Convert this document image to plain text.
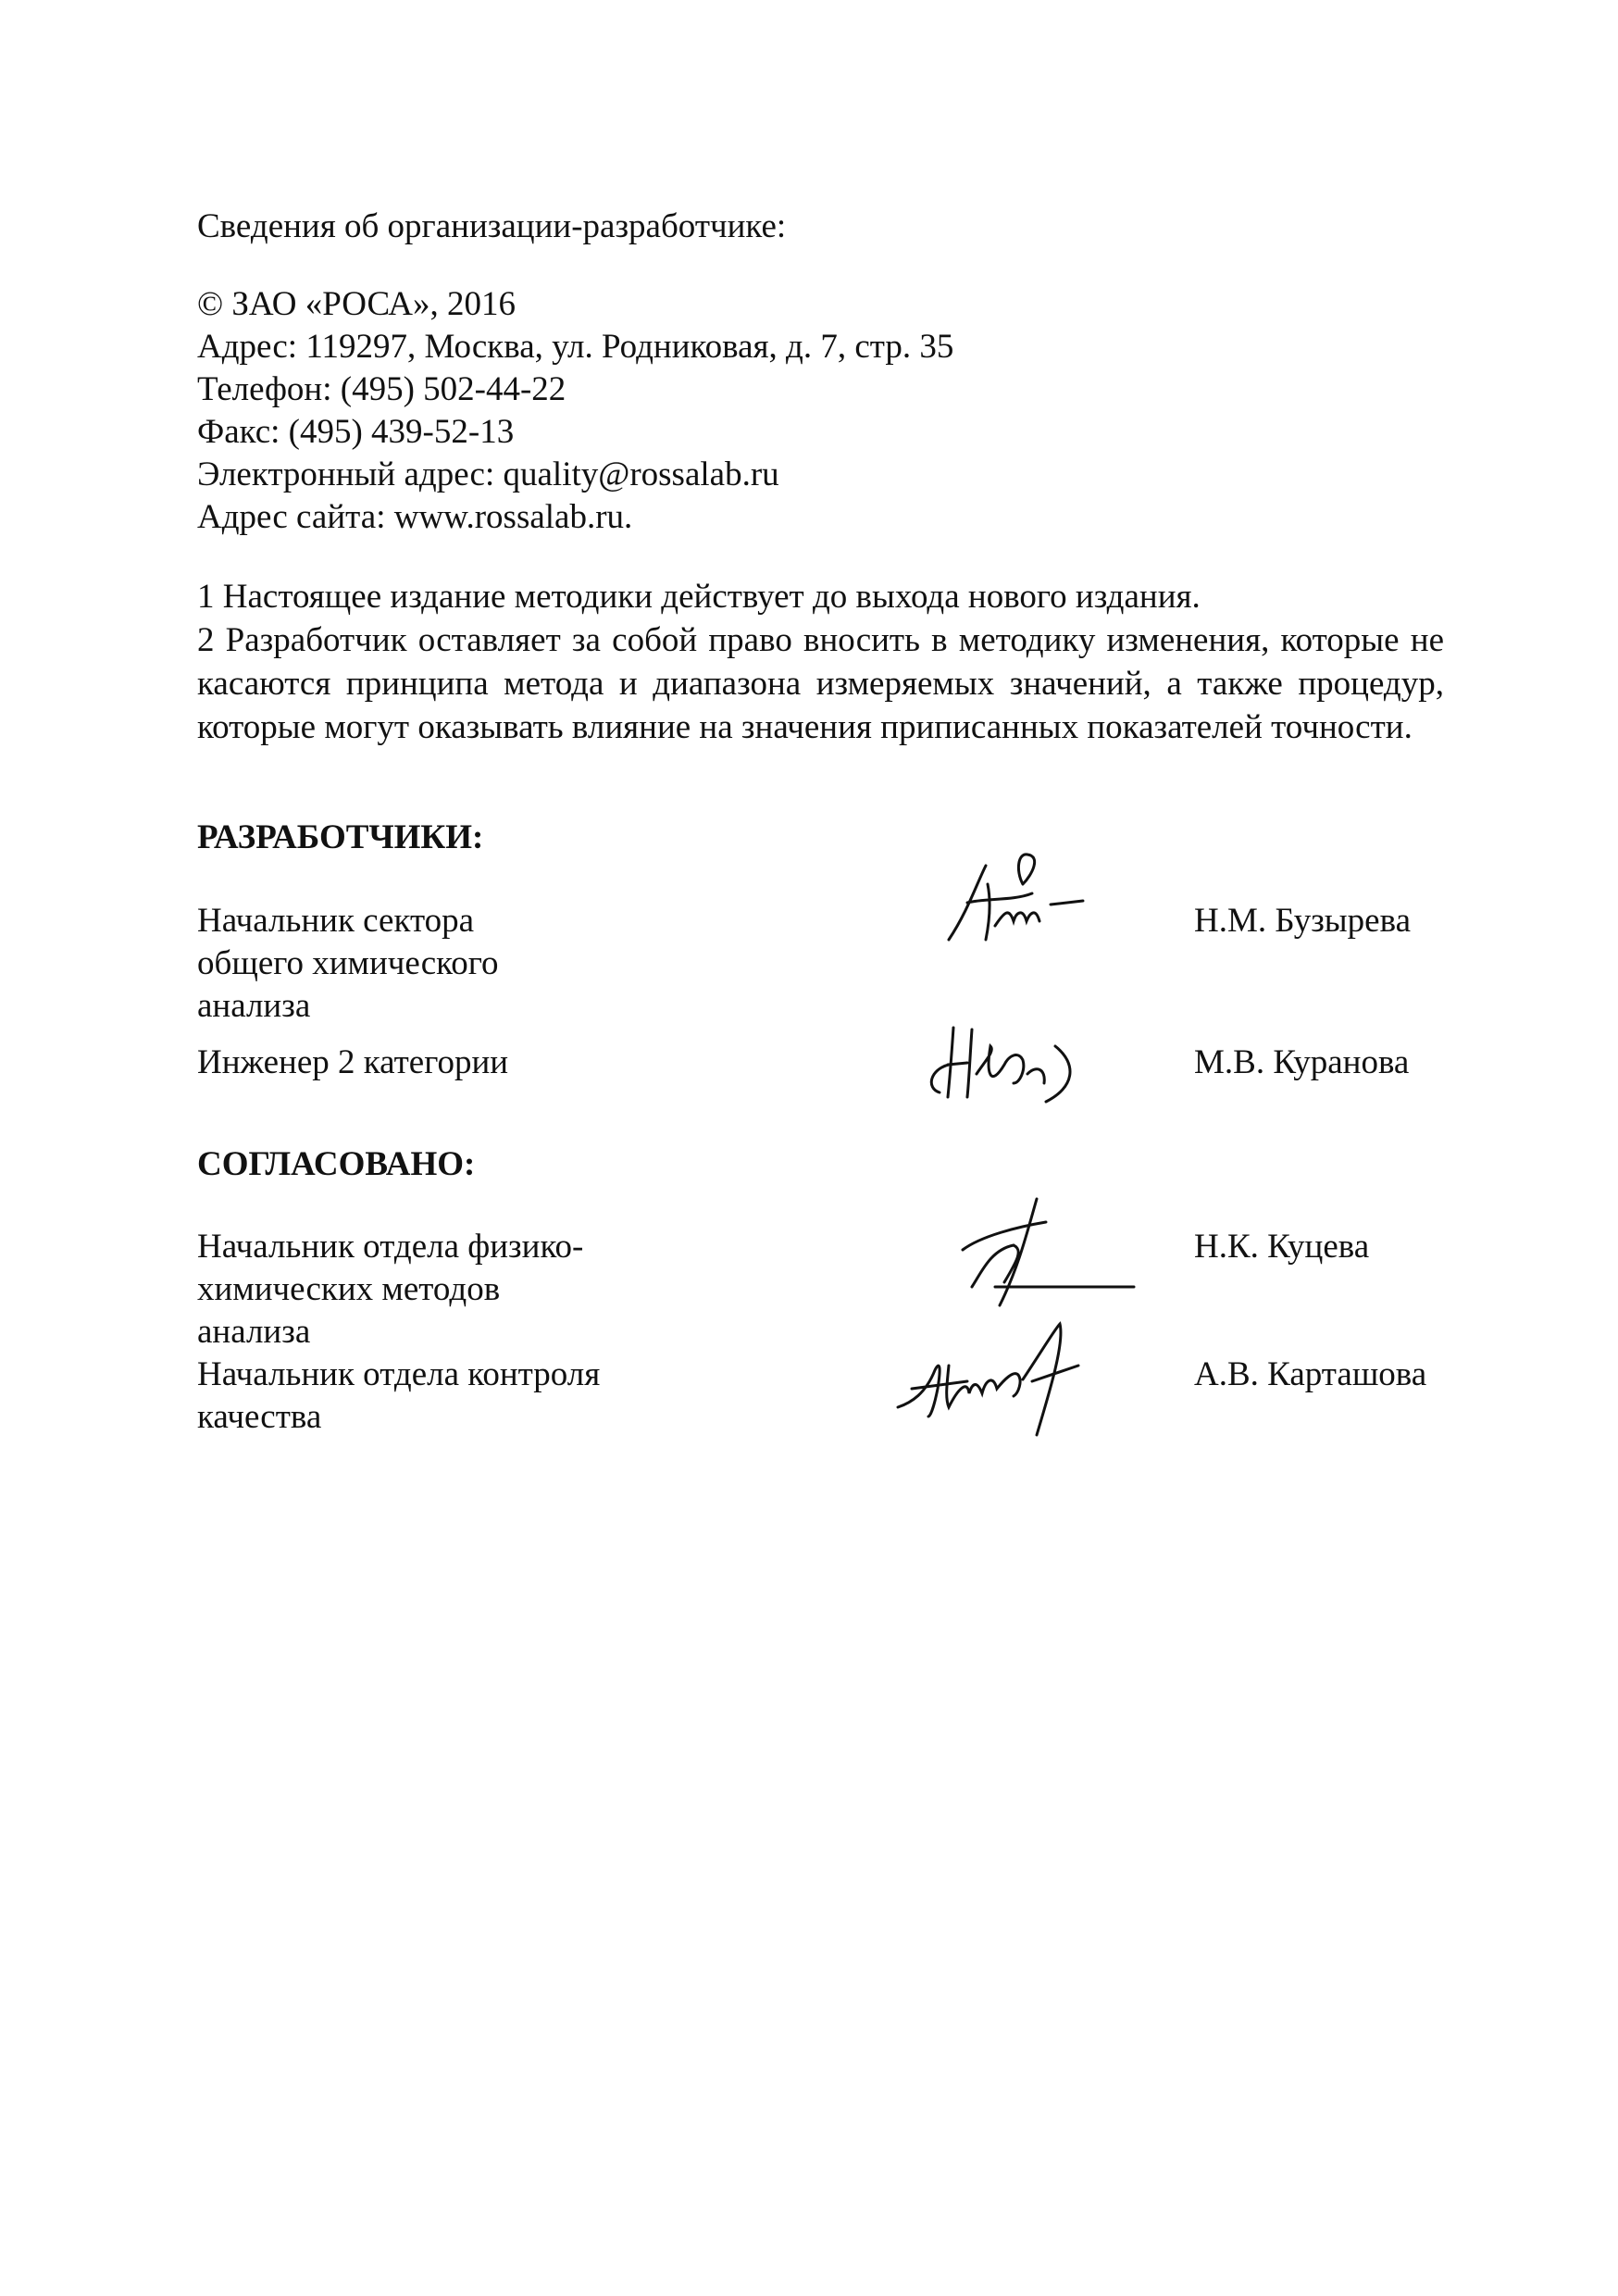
Сведения об организации-разработчике:
© ЗАО «РОСА», 2016
Адрес: 119297, Москва, ул. Родниковая, д. 7, стр. 35
Телефон: (495) 502-44-22
Факс: (495) 439-52-13
Электронный адрес: quality@rossalab.ru
Адрес сайта: www.rossalab.ru.
1 Настоящее издание методики действует до выхода нового издания.
2 Разработчик оставляет за собой право вносить в методику изменения, которые не касаются принципа метода и диапазона измеряемых значений, а также процедур, которые могут оказывать влияние на значения приписанных показателей точности.
РАЗРАБОТЧИКИ:
Начальник сектора
общего химического
анализа
Н.М. Бузырева
Инженер 2 категории	М.В. Куранова
СОГЛАСОВАНО:
Начальник отдела физико-
химических методов
анализа
Н.К. Куцева
Начальник отдела контроля
качества
А.В. Карташова
